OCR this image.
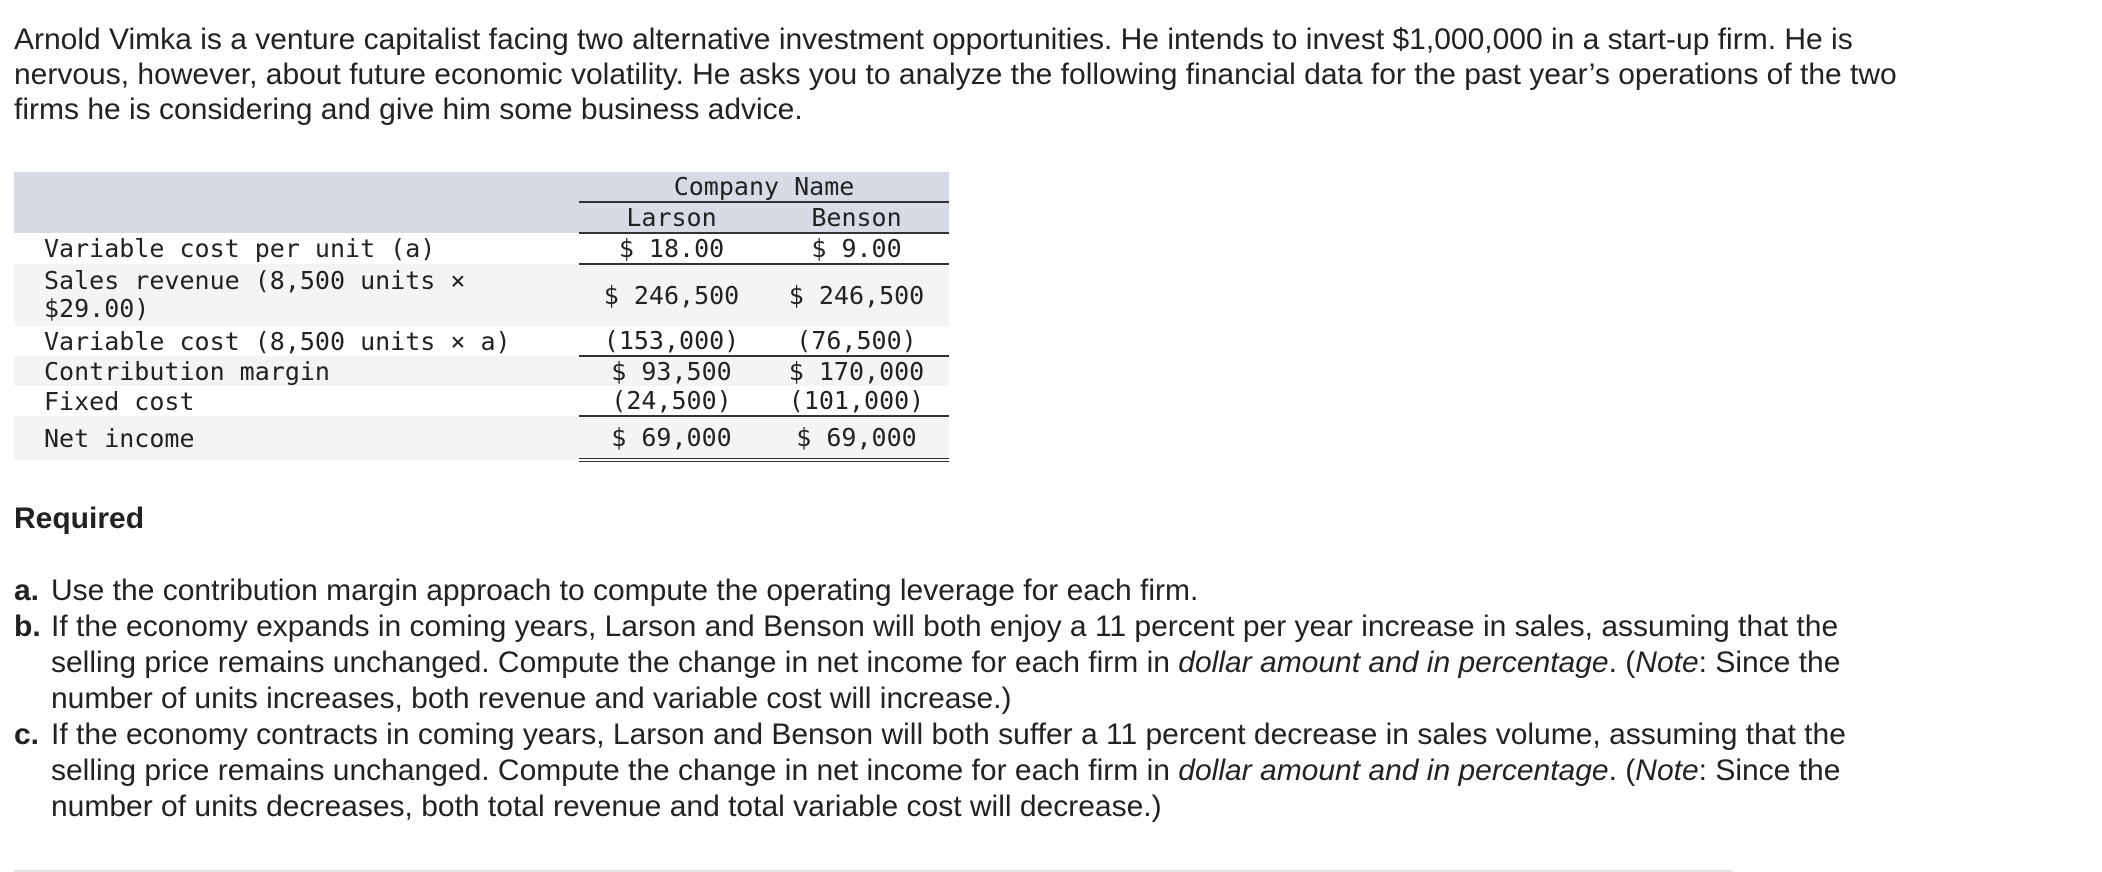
Arnold Vimka is a venture capitalist facing two alternative investment opportunities. He intends to invest $1,000,000 in a start-up firm. He is nervous, however, about future economic volatility. He asks you to analyze the following financial data for the past year’s operations of the two firms he is considering and give him some business advice.

		Company Name	
		Larson	Benson
Variable cost per unit (a)		$ 18.00	$ 9.00
Sales revenue (8,500 units × $29.00)		$ 246,500	$ 246,500
Variable cost (8,500 units × a)		(153,000)	(76,500)
Contribution margin		$ 93,500	$ 170,000
Fixed cost		(24,500)	(101,000)
Net income		$ 69,000	$ 69,000

Required

a. Use the contribution margin approach to compute the operating leverage for each firm.
b. If the economy expands in coming years, Larson and Benson will both enjoy a 11 percent per year increase in sales, assuming that the selling price remains unchanged. Compute the change in net income for each firm in dollar amount and in percentage. (Note: Since the number of units increases, both revenue and variable cost will increase.)
c. If the economy contracts in coming years, Larson and Benson will both suffer a 11 percent decrease in sales volume, assuming that the selling price remains unchanged. Compute the change in net income for each firm in dollar amount and in percentage. (Note: Since the number of units decreases, both total revenue and total variable cost will decrease.)
